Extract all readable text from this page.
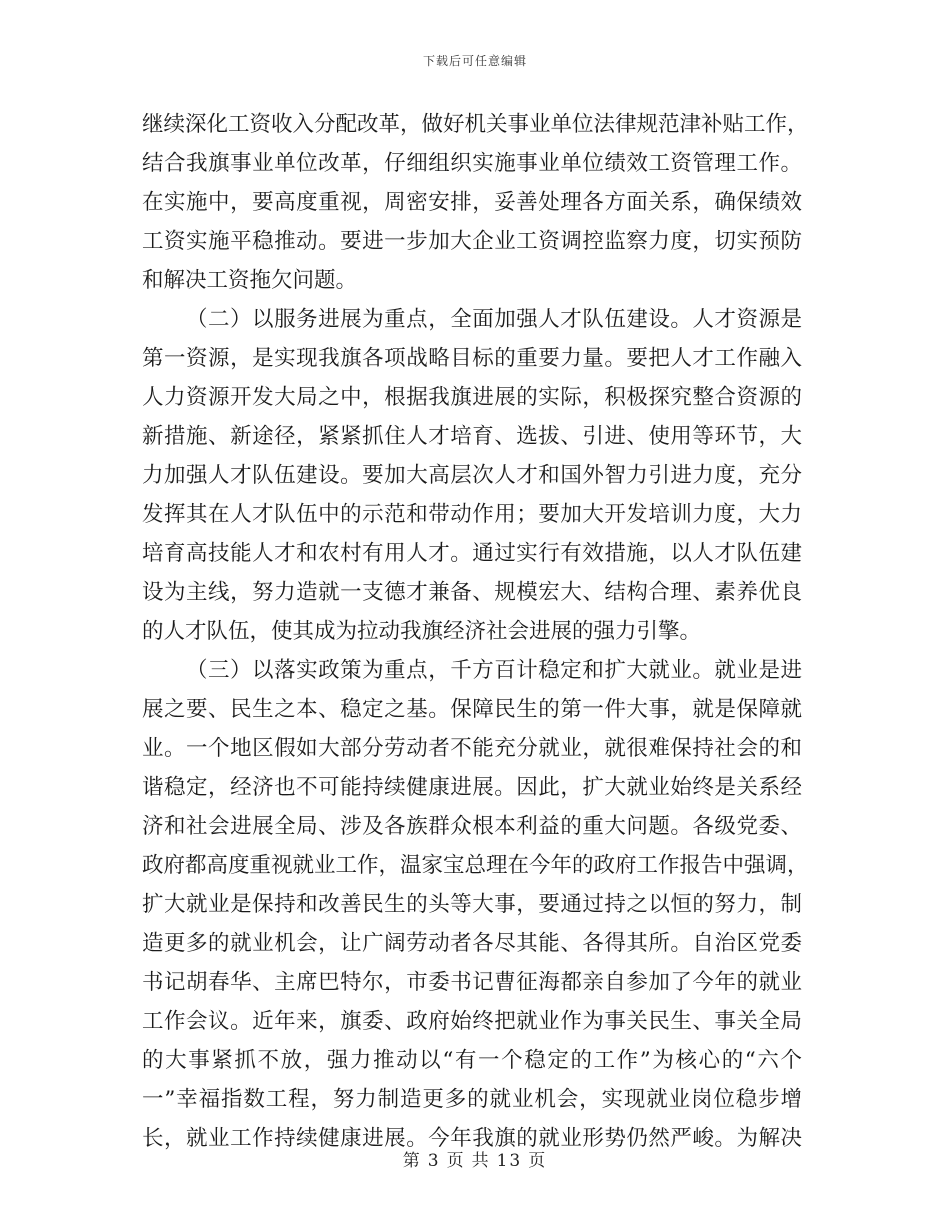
下载后可任意编辑
继续深化工资收入分配改革，做好机关事业单位法律规范津补贴工作，
结合我旗事业单位改革，仔细组织实施事业单位绩效工资管理工作。
在实施中，要高度重视，周密安排，妥善处理各方面关系，确保绩效
工资实施平稳推动。要进一步加大企业工资调控监察力度，切实预防
和解决工资拖欠问题。
（二）以服务进展为重点，全面加强人才队伍建设。人才资源是
第一资源，是实现我旗各项战略目标的重要力量。要把人才工作融入
人力资源开发大局之中，根据我旗进展的实际，积极探究整合资源的
新措施、新途径，紧紧抓住人才培育、选拔、引进、使用等环节，大
力加强人才队伍建设。要加大高层次人才和国外智力引进力度，充分
发挥其在人才队伍中的示范和带动作用；要加大开发培训力度，大力
培育高技能人才和农村有用人才。通过实行有效措施，以人才队伍建
设为主线，努力造就一支德才兼备、规模宏大、结构合理、素养优良
的人才队伍，使其成为拉动我旗经济社会进展的强力引擎。
（三）以落实政策为重点，千方百计稳定和扩大就业。就业是进
展之要、民生之本、稳定之基。保障民生的第一件大事，就是保障就
业。一个地区假如大部分劳动者不能充分就业，就很难保持社会的和
谐稳定，经济也不可能持续健康进展。因此，扩大就业始终是关系经
济和社会进展全局、涉及各族群众根本利益的重大问题。各级党委、
政府都高度重视就业工作，温家宝总理在今年的政府工作报告中强调，
扩大就业是保持和改善民生的头等大事，要通过持之以恒的努力，制
造更多的就业机会，让广阔劳动者各尽其能、各得其所。自治区党委
书记胡春华、主席巴特尔，市委书记曹征海都亲自参加了今年的就业
工作会议。近年来，旗委、政府始终把就业作为事关民生、事关全局
的大事紧抓不放，强力推动以“有一个稳定的工作”为核心的“六个
一”幸福指数工程，努力制造更多的就业机会，实现就业岗位稳步增
长，就业工作持续健康进展。今年我旗的就业形势仍然严峻。为解决
第 3 页 共 13 页
